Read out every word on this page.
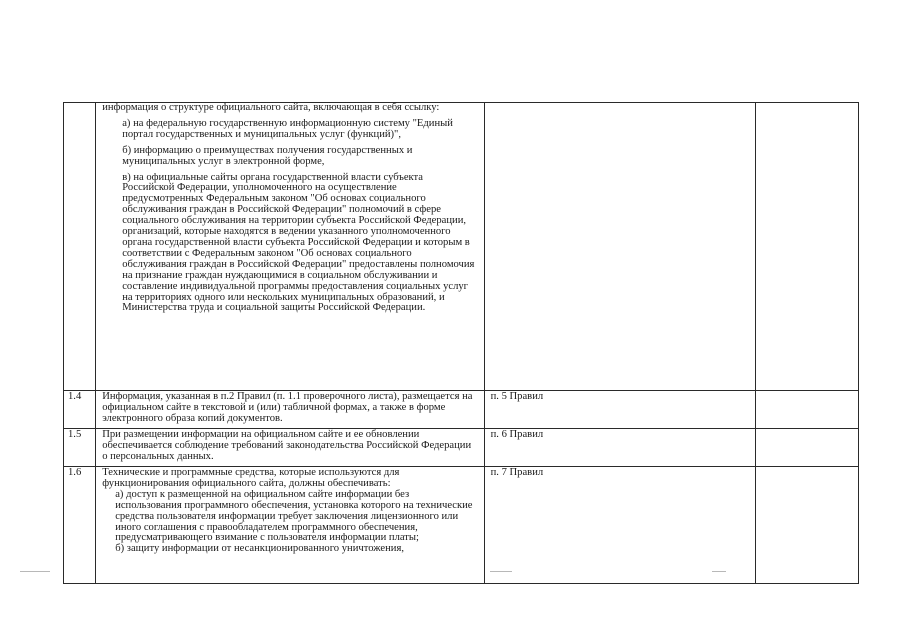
	информация о структуре официального сайта, включающая в себя ссылку:

а) на федеральную государственную информационную систему "Единый портал государственных и муниципальных услуг (функций)",

б) информацию о преимуществах получения государственных и муниципальных услуг в электронной форме,

в) на официальные сайты органа государственной власти субъекта Российской Федерации, уполномоченного на осуществление предусмотренных Федеральным законом "Об основах социального обслуживания граждан в Российской Федерации" полномочий в сфере социального обслуживания на территории субъекта Российской Федерации, организаций, которые находятся в ведении указанного уполномоченного органа государственной власти субъекта Российской Федерации и которым в соответствии с Федеральным законом "Об основах социального обслуживания граждан в Российской Федерации" предоставлены полномочия на признание граждан нуждающимися в социальном обслуживании и составление индивидуальной программы предоставления социальных услуг на территориях одного или нескольких муниципальных образований, и Министерства труда и социальной защиты Российской Федерации.		

1.4	Информация, указанная в п.2 Правил (п. 1.1 проверочного листа), размещается на официальном сайте в текстовой и (или) табличной формах, а также в форме электронного образа копий документов.	п. 5 Правил	

1.5	При размещении информации на официальном сайте и ее обновлении обеспечивается соблюдение требований законодательства Российской Федерации о персональных данных.	п. 6 Правил	

1.6	Технические и программные средства, которые используются для функционирования официального сайта, должны обеспечивать:

а) доступ к размещенной на официальном сайте информации без использования программного обеспечения, установка которого на технические средства пользователя информации требует заключения лицензионного или иного соглашения с правообладателем программного обеспечения, предусматривающего взимание с пользователя информации платы;

б) защиту информации от несанкционированного уничтожения,	п. 7 Правил	
